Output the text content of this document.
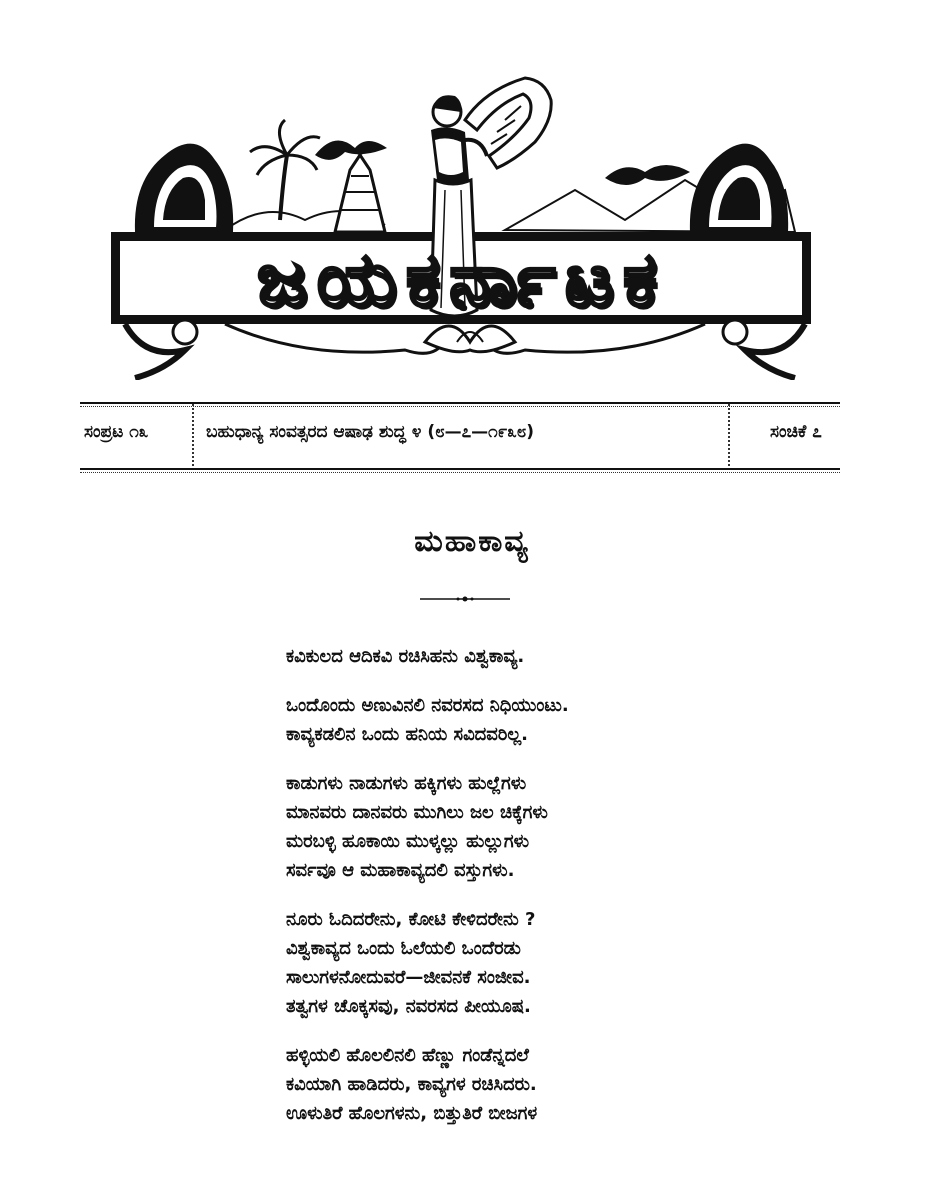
ಜಯಕರ್ನಾಟಕ
ಸಂಪ್ರಟ ೧೩	ಬಹುಧಾನ್ಯ ಸಂವತ್ಸರದ ಆಷಾಢ ಶುದ್ಧ ೪ (೮—೭—೧೯೩೮)	ಸಂಚಿಕೆ ೭
ಮಹಾಕಾವ್ಯ
ಕವಿಕುಲದ ಆದಿಕವಿ ರಚಿಸಿಹನು ವಿಶ್ವಕಾವ್ಯ.
ಒಂದೊಂದು ಅಣುವಿನಲಿ ನವರಸದ ನಿಧಿಯುಂಟು.
ಕಾವ್ಯಕಡಲಿನ ಒಂದು ಹನಿಯ ಸವಿದವರಿಲ್ಲ.
ಕಾಡುಗಳು ನಾಡುಗಳು ಹಕ್ಕಿಗಳು ಹುಲ್ಲೆಗಳು
ಮಾನವರು ದಾನವರು ಮುಗಿಲು ಜಲ ಚಿಕ್ಕೆಗಳು
ಮರಬಳ್ಳಿ ಹೂಕಾಯಿ ಮುಳ್ಕಲ್ಲು ಹುಲ್ಲುಗಳು
ಸರ್ವವೂ ಆ ಮಹಾಕಾವ್ಯದಲಿ ವಸ್ತುಗಳು.
ನೂರು ಓದಿದರೇನು, ಕೋಟಿ ಕೇಳಿದರೇನು ?
ವಿಶ್ವಕಾವ್ಯದ ಒಂದು ಓಲೆಯಲಿ ಒಂದೆರಡು
ಸಾಲುಗಳನೋದುವರೆ—ಜೀವನಕೆ ಸಂಜೀವ.
ತತ್ವಗಳ ಚೊಕ್ಕಸವು, ನವರಸದ ಪೀಯೂಷ.
ಹಳ್ಳಿಯಲಿ ಹೊಲಲಿನಲಿ ಹೆಣ್ಣು ಗಂಡೆನ್ನದಲೆ
ಕವಿಯಾಗಿ ಹಾಡಿದರು, ಕಾವ್ಯಗಳ ರಚಿಸಿದರು.
ಊಳುತಿರೆ ಹೊಲಗಳನು, ಬಿತ್ತುತಿರೆ ಬೀಜಗಳ
